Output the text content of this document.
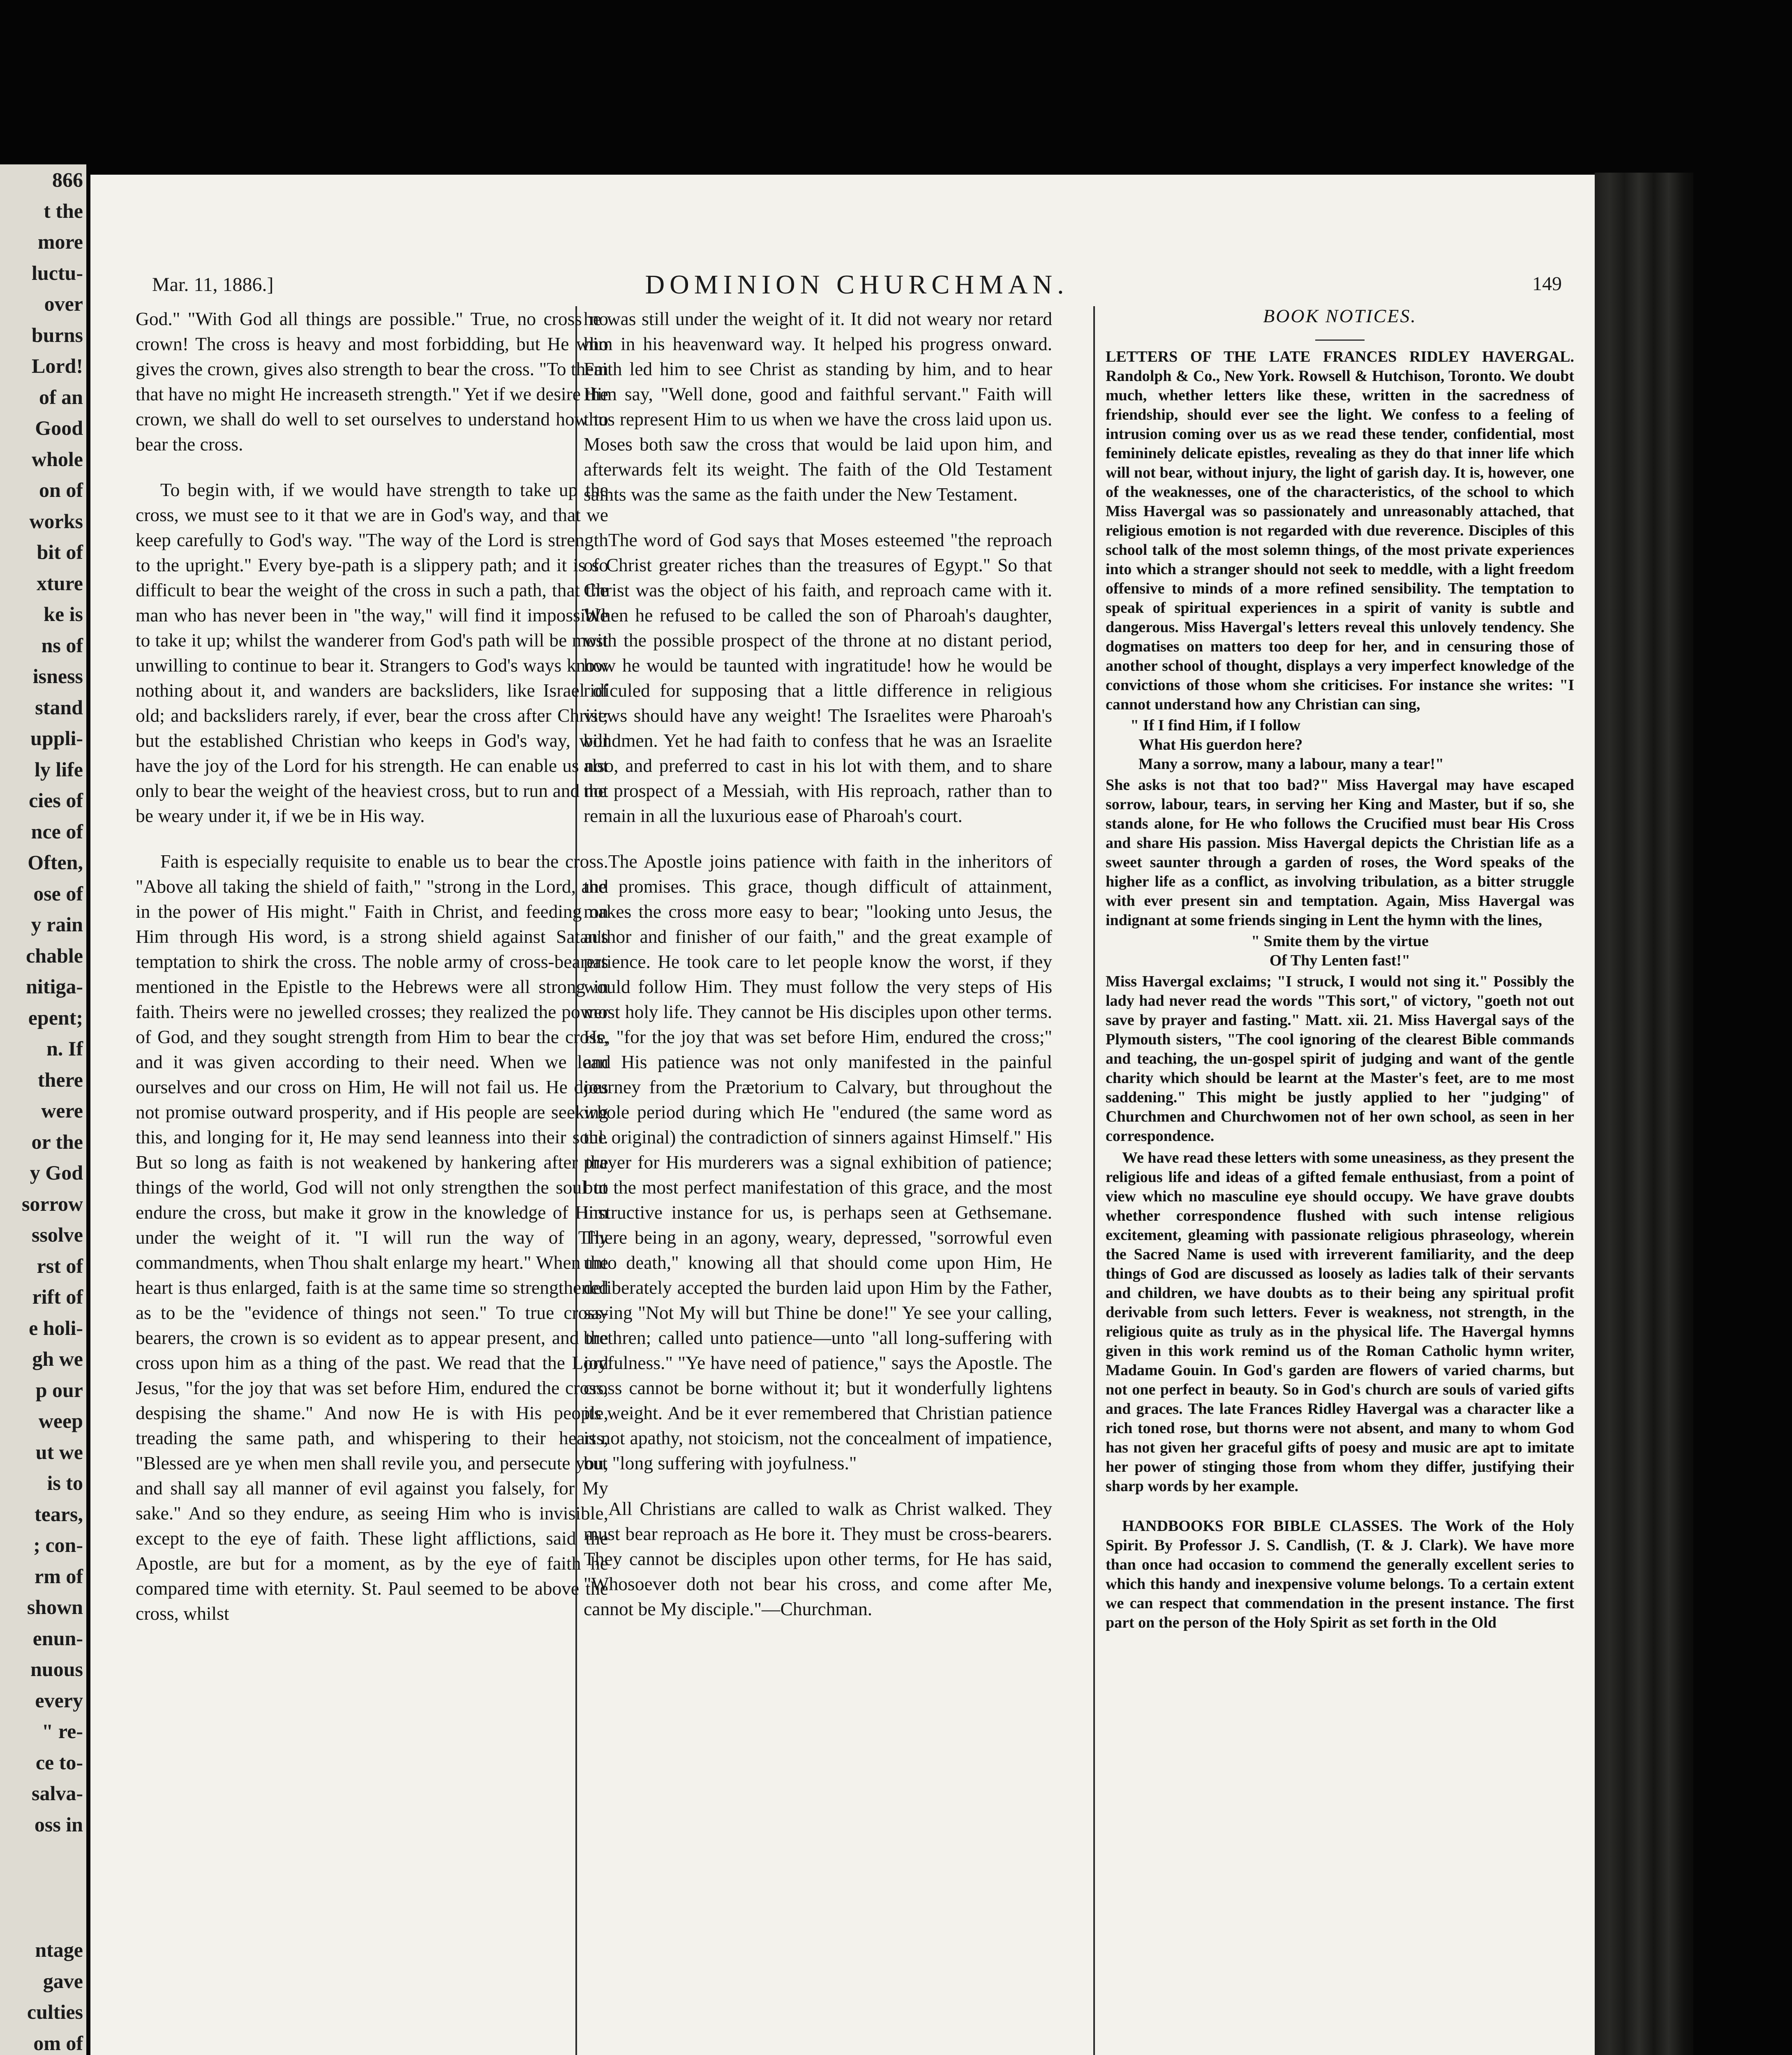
866
t the
more
luctu-
over
burns
Lord!
of an
Good
whole
on of
works
bit of
xture
ke is
ns of
isness
stand
uppli-
ly life
cies of
nce of
Often,
ose of
y rain
chable
nitiga-
epent;
n. If
there
were
or the
y God
sorrow
ssolve
rst of
rift of
e holi-
gh we
p our
weep
ut we
is to
tears,
; con-
rm of
shown
enun-
nuous
every
" re-
ce to-
salva-
oss in
ntage
gave
culties
om of
Mar. 11, 1886.]	DOMINION CHURCHMAN.	149

God." "With God all things are possible." True, no cross no crown! The cross is heavy and most forbidding, but He who gives the crown, gives also strength to bear the cross. "To them that have no might He increaseth strength." Yet if we desire the crown, we shall do well to set ourselves to understand how to bear the cross.

To begin with, if we would have strength to take up the cross, we must see to it that we are in God's way, and that we keep carefully to God's way. "The way of the Lord is strength to the upright." Every bye-path is a slippery path; and it is so difficult to bear the weight of the cross in such a path, that the man who has never been in "the way," will find it impossible to take it up; whilst the wanderer from God's path will be most unwilling to continue to bear it. Strangers to God's ways know nothing about it, and wanders are backsliders, like Israel of old; and backsliders rarely, if ever, bear the cross after Christ; but the established Christian who keeps in God's way, will have the joy of the Lord for his strength. He can enable us not only to bear the weight of the heaviest cross, but to run and not be weary under it, if we be in His way.

Faith is especially requisite to enable us to bear the cross. "Above all taking the shield of faith," "strong in the Lord, and in the power of His might." Faith in Christ, and feeding on Him through His word, is a strong shield against Satan's temptation to shirk the cross. The noble army of cross-bearers mentioned in the Epistle to the Hebrews were all strong in faith. Theirs were no jewelled crosses; they realized the power of God, and they sought strength from Him to bear the cross, and it was given according to their need. When we lean ourselves and our cross on Him, He will not fail us. He does not promise outward prosperity, and if His people are seeking this, and longing for it, He may send leanness into their soul. But so long as faith is not weakened by hankering after the things of the world, God will not only strengthen the soul to endure the cross, but make it grow in the knowledge of Him under the weight of it. "I will run the way of Thy commandments, when Thou shalt enlarge my heart." When the heart is thus enlarged, faith is at the same time so strengthened as to be the "evidence of things not seen." To true cross-bearers, the crown is so evident as to appear present, and the cross upon him as a thing of the past. We read that the Lord Jesus, "for the joy that was set before Him, endured the cross, despising the shame." And now He is with His people, treading the same path, and whispering to their hearts, "Blessed are ye when men shall revile you, and persecute you, and shall say all manner of evil against you falsely, for My sake." And so they endure, as seeing Him who is invisible, except to the eye of faith. These light afflictions, said the Apostle, are but for a moment, as by the eye of faith he compared time with eternity. St. Paul seemed to be above the cross, whilst

he was still under the weight of it. It did not weary nor retard him in his heavenward way. It helped his progress onward. Faith led him to see Christ as standing by him, and to hear Him say, "Well done, good and faithful servant." Faith will thus represent Him to us when we have the cross laid upon us. Moses both saw the cross that would be laid upon him, and afterwards felt its weight. The faith of the Old Testament saints was the same as the faith under the New Testament.

The word of God says that Moses esteemed "the reproach of Christ greater riches than the treasures of Egypt." So that Christ was the object of his faith, and reproach came with it. When he refused to be called the son of Pharoah's daughter, with the possible prospect of the throne at no distant period, how he would be taunted with ingratitude! how he would be ridiculed for supposing that a little difference in religious views should have any weight! The Israelites were Pharoah's bondmen. Yet he had faith to confess that he was an Israelite also, and preferred to cast in his lot with them, and to share the prospect of a Messiah, with His reproach, rather than to remain in all the luxurious ease of Pharoah's court.

The Apostle joins patience with faith in the inheritors of the promises. This grace, though difficult of attainment, makes the cross more easy to bear; "looking unto Jesus, the author and finisher of our faith," and the great example of patience. He took care to let people know the worst, if they would follow Him. They must follow the very steps of His most holy life. They cannot be His disciples upon other terms. He, "for the joy that was set before Him, endured the cross;" and His patience was not only manifested in the painful journey from the Prætorium to Calvary, but throughout the whole period during which He "endured (the same word as the original) the contradiction of sinners against Himself." His prayer for His murderers was a signal exhibition of patience; but the most perfect manifestation of this grace, and the most instructive instance for us, is perhaps seen at Gethsemane. There being in an agony, weary, depressed, "sorrowful even unto death," knowing all that should come upon Him, He deliberately accepted the burden laid upon Him by the Father, saying "Not My will but Thine be done!" Ye see your calling, brethren; called unto patience—unto "all long-suffering with joyfulness." "Ye have need of patience," says the Apostle. The cross cannot be borne without it; but it wonderfully lightens its weight. And be it ever remembered that Christian patience is not apathy, not stoicism, not the concealment of impatience, but "long suffering with joyfulness."

All Christians are called to walk as Christ walked. They must bear reproach as He bore it. They must be cross-bearers. They cannot be disciples upon other terms, for He has said, "Whosoever doth not bear his cross, and come after Me, cannot be My disciple."—Churchman.

BOOK NOTICES.

LETTERS OF THE LATE FRANCES RIDLEY HAVERGAL. Randolph & Co., New York. Rowsell & Hutchison, Toronto. We doubt much, whether letters like these, written in the sacredness of friendship, should ever see the light. We confess to a feeling of intrusion coming over us as we read these tender, confidential, most femininely delicate epistles, revealing as they do that inner life which will not bear, without injury, the light of garish day. It is, however, one of the weaknesses, one of the characteristics, of the school to which Miss Havergal was so passionately and unreasonably attached, that religious emotion is not regarded with due reverence. Disciples of this school talk of the most solemn things, of the most private experiences into which a stranger should not seek to meddle, with a light freedom offensive to minds of a more refined sensibility. The temptation to speak of spiritual experiences in a spirit of vanity is subtle and dangerous. Miss Havergal's letters reveal this unlovely tendency. She dogmatises on matters too deep for her, and in censuring those of another school of thought, displays a very imperfect knowledge of the convictions of those whom she criticises. For instance she writes: "I cannot understand how any Christian can sing,

" If I find Him, if I follow
What His guerdon here?
Many a sorrow, many a labour, many a tear!"

She asks is not that too bad?" Miss Havergal may have escaped sorrow, labour, tears, in serving her King and Master, but if so, she stands alone, for He who follows the Crucified must bear His Cross and share His passion. Miss Havergal depicts the Christian life as a sweet saunter through a garden of roses, the Word speaks of the higher life as a conflict, as involving tribulation, as a bitter struggle with ever present sin and temptation. Again, Miss Havergal was indignant at some friends singing in Lent the hymn with the lines,

" Smite them by the virtue
Of Thy Lenten fast!"

Miss Havergal exclaims; "I struck, I would not sing it." Possibly the lady had never read the words "This sort," of victory, "goeth not out save by prayer and fasting." Matt. xii. 21. Miss Havergal says of the Plymouth sisters, "The cool ignoring of the clearest Bible commands and teaching, the un-gospel spirit of judging and want of the gentle charity which should be learnt at the Master's feet, are to me most saddening." This might be justly applied to her "judging" of Churchmen and Churchwomen not of her own school, as seen in her correspondence.

We have read these letters with some uneasiness, as they present the religious life and ideas of a gifted female enthusiast, from a point of view which no masculine eye should occupy. We have grave doubts whether correspondence flushed with such intense religious excitement, gleaming with passionate religious phraseology, wherein the Sacred Name is used with irreverent familiarity, and the deep things of God are discussed as loosely as ladies talk of their servants and children, we have doubts as to their being any spiritual profit derivable from such letters. Fever is weakness, not strength, in the religious quite as truly as in the physical life. The Havergal hymns given in this work remind us of the Roman Catholic hymn writer, Madame Gouin. In God's garden are flowers of varied charms, but not one perfect in beauty. So in God's church are souls of varied gifts and graces. The late Frances Ridley Havergal was a character like a rich toned rose, but thorns were not absent, and many to whom God has not given her graceful gifts of poesy and music are apt to imitate her power of stinging those from whom they differ, justifying their sharp words by her example.

HANDBOOKS FOR BIBLE CLASSES. The Work of the Holy Spirit. By Professor J. S. Candlish, (T. & J. Clark). We have more than once had occasion to commend the generally excellent series to which this handy and inexpensive volume belongs. To a certain extent we can respect that commendation in the present instance. The first part on the person of the Holy Spirit as set forth in the Old
